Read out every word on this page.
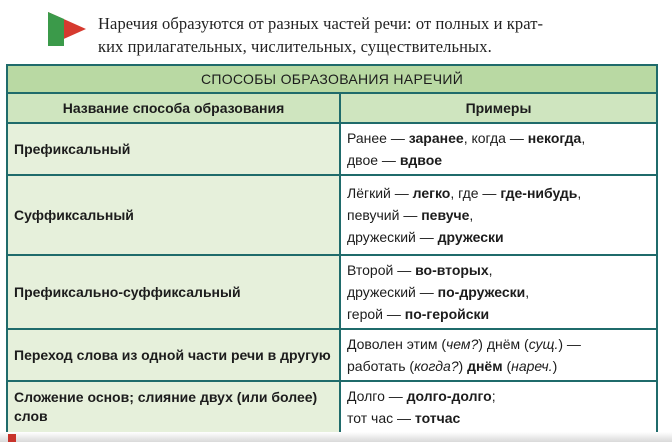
Наречия образуются от разных частей речи: от полных и крат-
ких прилагательных, числительных, существительных.
СПОСОБЫ ОБРАЗОВАНИЯ НАРЕЧИЙ	
Название способа образования	Примеры
Префиксальный	Ранее — заранее, когда — некогда,
двое — вдвое

Суффиксальный	Лёгкий — легко, где — где-нибудь,
певучий — певуче,
дружеский — дружески

Префиксально-суффиксальный	Второй — во-вторых,
дружеский — по-дружески,
герой — по-геройски

Переход слова из одной части речи в другую	Доволен этим (чем?) днём (сущ.) —
работать (когда?) днём (нареч.)

Сложение основ; слияние двух (или более) слов	Долго — долго-долго;
тот час — тотчас
